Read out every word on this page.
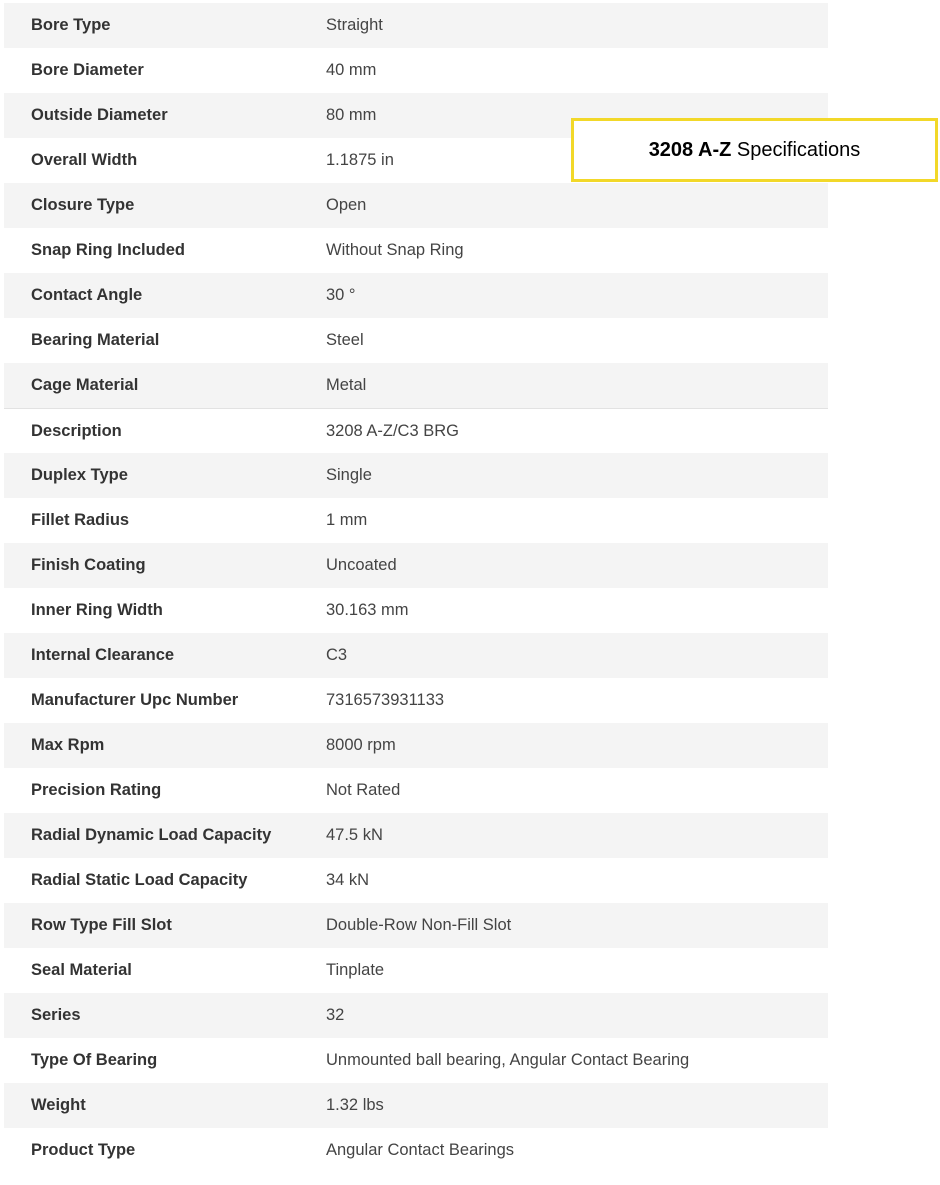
Bore Type	Straight
Bore Diameter	40 mm
Outside Diameter	80 mm
Overall Width	1.1875 in
Closure Type	Open
Snap Ring Included	Without Snap Ring
Contact Angle	30 °
Bearing Material	Steel
Cage Material	Metal
Description	3208 A-Z/C3 BRG
Duplex Type	Single
Fillet Radius	1 mm
Finish Coating	Uncoated
Inner Ring Width	30.163 mm
Internal Clearance	C3
Manufacturer Upc Number	7316573931133
Max Rpm	8000 rpm
Precision Rating	Not Rated
Radial Dynamic Load Capacity	47.5 kN
Radial Static Load Capacity	34 kN
Row Type Fill Slot	Double-Row Non-Fill Slot
Seal Material	Tinplate
Series	32
Type Of Bearing	Unmounted ball bearing, Angular Contact Bearing
Weight	1.32 lbs
Product Type	Angular Contact Bearings
3208 A-Z Specifications
